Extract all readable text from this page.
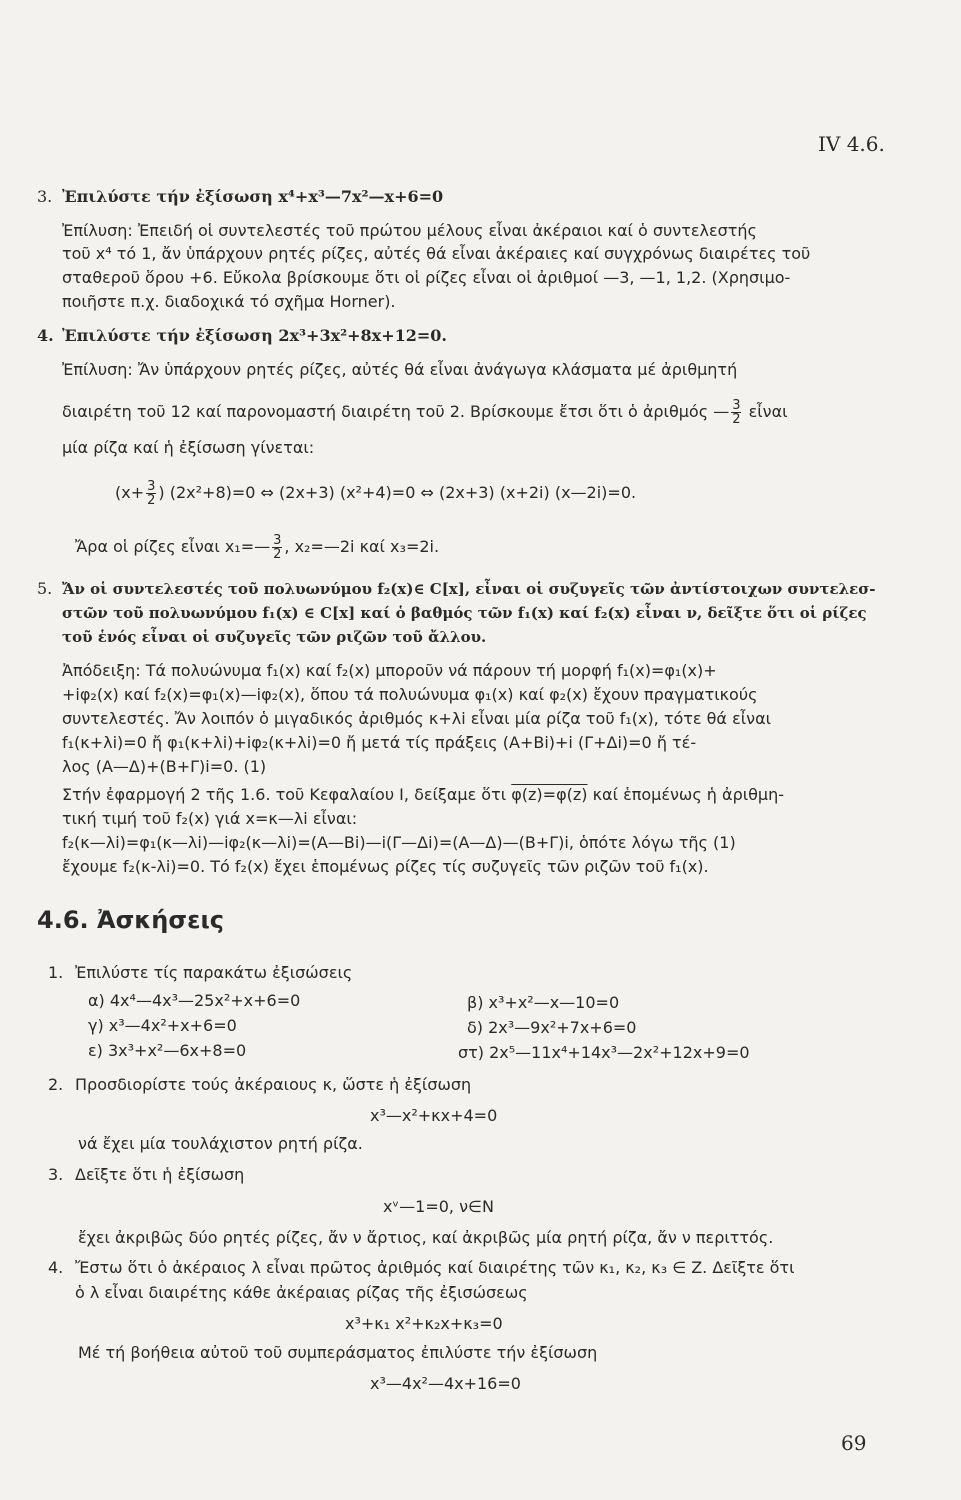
IV 4.6.
3. Ἐπιλύστε τήν ἐξίσωση x⁴+x³—7x²—x+6=0
Ἐπίλυση: Ἐπειδή οἱ συντελεστές τοῦ πρώτου μέλους εἶναι ἀκέραιοι καί ὁ συντελεστής
τοῦ x⁴ τό 1, ἄν ὑπάρχουν ρητές ρίζες, αὐτές θά εἶναι ἀκέραιες καί συγχρόνως διαιρέτες τοῦ
σταθεροῦ ὅρου +6. Εὔκολα βρίσκουμε ὅτι οἱ ρίζες εἶναι οἱ ἀριθμοί —3, —1, 1,2. (Χρησιμο-
ποιῆστε π.χ. διαδοχικά τό σχῆμα Horner).
4. Ἐπιλύστε τήν ἐξίσωση 2x³+3x²+8x+12=0.
Ἐπίλυση: Ἄν ὑπάρχουν ρητές ρίζες, αὐτές θά εἶναι ἀνάγωγα κλάσματα μέ ἀριθμητή
διαιρέτη τοῦ 12 καί παρονομαστή διαιρέτη τοῦ 2. Βρίσκουμε ἔτσι ὅτι ὁ ἀριθμός — $\frac{3}{2}$ εἶναι
μία ρίζα καί ἡ ἐξίσωση γίνεται:
($x+ \frac{3}{2}$ ) (2x²+8)=0 ⇔ (2x+3) (x²+4)=0 ⇔ (2x+3) (x+2i) (x—2i)=0.
Ἄρα οἱ ρίζες εἶναι x₁=— $\frac{3}{2}$ , x₂=—2i καί x₃=2i.
5. Ἄν οἱ συντελεστές τοῦ πολυωνύμου f₂(x)∈ C[x], εἶναι οἱ συζυγεῖς τῶν ἀντίστοιχων συντελεσ-
στῶν τοῦ πολυωνύμου f₁(x) ∈ C[x] καί ὁ βαθμός τῶν f₁(x) καί f₂(x) εἶναι ν, δεῖξτε ὅτι οἱ ρίζες
τοῦ ἑνός εἶναι οἱ συζυγεῖς τῶν ριζῶν τοῦ ἄλλου.
Ἀπόδειξη: Τά πολυώνυμα f₁(x) καί f₂(x) μποροῦν νά πάρουν τή μορφή f₁(x)=φ₁(x)+
+iφ₂(x) καί f₂(x)=φ₁(x)—iφ₂(x), ὅπου τά πολυώνυμα φ₁(x) καί φ₂(x) ἔχουν πραγματικούς
συντελεστές. Ἄν λοιπόν ὁ μιγαδικός ἀριθμός κ+λi εἶναι μία ρίζα τοῦ f₁(x), τότε θά εἶναι
f₁(κ+λi)=0 ἤ φ₁(κ+λi)+iφ₂(κ+λi)=0 ἤ μετά τίς πράξεις (Α+Βi)+i (Γ+Δi)=0 ἤ τέ-
λος (Α—Δ)+(Β+Γ)i=0. (1)
Στήν ἐφαρμογή 2 τῆς 1.6. τοῦ Κεφαλαίου Ι, δείξαμε ὅτι φ(z)=φ(z) καί ἑπομένως ἡ ἀριθμη-
τική τιμή τοῦ f₂(x) γιά x=κ—λi εἶναι:
f₂(κ—λi)=φ₁(κ—λi)—iφ₂(κ—λi)=(Α—Βi)—i(Γ—Δi)=(Α—Δ)—(Β+Γ)i, ὁπότε λόγω τῆς (1)
ἔχουμε f₂(κ-λi)=0. Τό f₂(x) ἔχει ἑπομένως ρίζες τίς συζυγεῖς τῶν ριζῶν τοῦ f₁(x).
4.6. Ἀσκήσεις
1. Ἐπιλύστε τίς παρακάτω ἐξισώσεις
α) 4x⁴—4x³—25x²+x+6=0	β) x³+x²—x—10=0
γ) x³—4x²+x+6=0	δ) 2x³—9x²+7x+6=0
ε) 3x³+x²—6x+8=0	στ) 2x⁵—11x⁴+14x³—2x²+12x+9=0
2. Προσδιορίστε τούς ἀκέραιους κ, ὥστε ἡ ἐξίσωση
x³—x²+κx+4=0
νά ἔχει μία τουλάχιστον ρητή ρίζα.
3. Δεῖξτε ὅτι ἡ ἐξίσωση
xᵛ—1=0, ν∈N
ἔχει ἀκριβῶς δύο ρητές ρίζες, ἄν ν ἄρτιος, καί ἀκριβῶς μία ρητή ρίζα, ἄν ν περιττός.
4. Ἔστω ὅτι ὁ ἀκέραιος λ εἶναι πρῶτος ἀριθμός καί διαιρέτης τῶν κ₁, κ₂, κ₃ ∈ Z. Δεῖξτε ὅτι
ὁ λ εἶναι διαιρέτης κάθε ἀκέραιας ρίζας τῆς ἐξισώσεως
x³+κ₁ x²+κ₂x+κ₃=0
Μέ τή βοήθεια αὐτοῦ τοῦ συμπεράσματος ἐπιλύστε τήν ἐξίσωση
x³—4x²—4x+16=0
69
